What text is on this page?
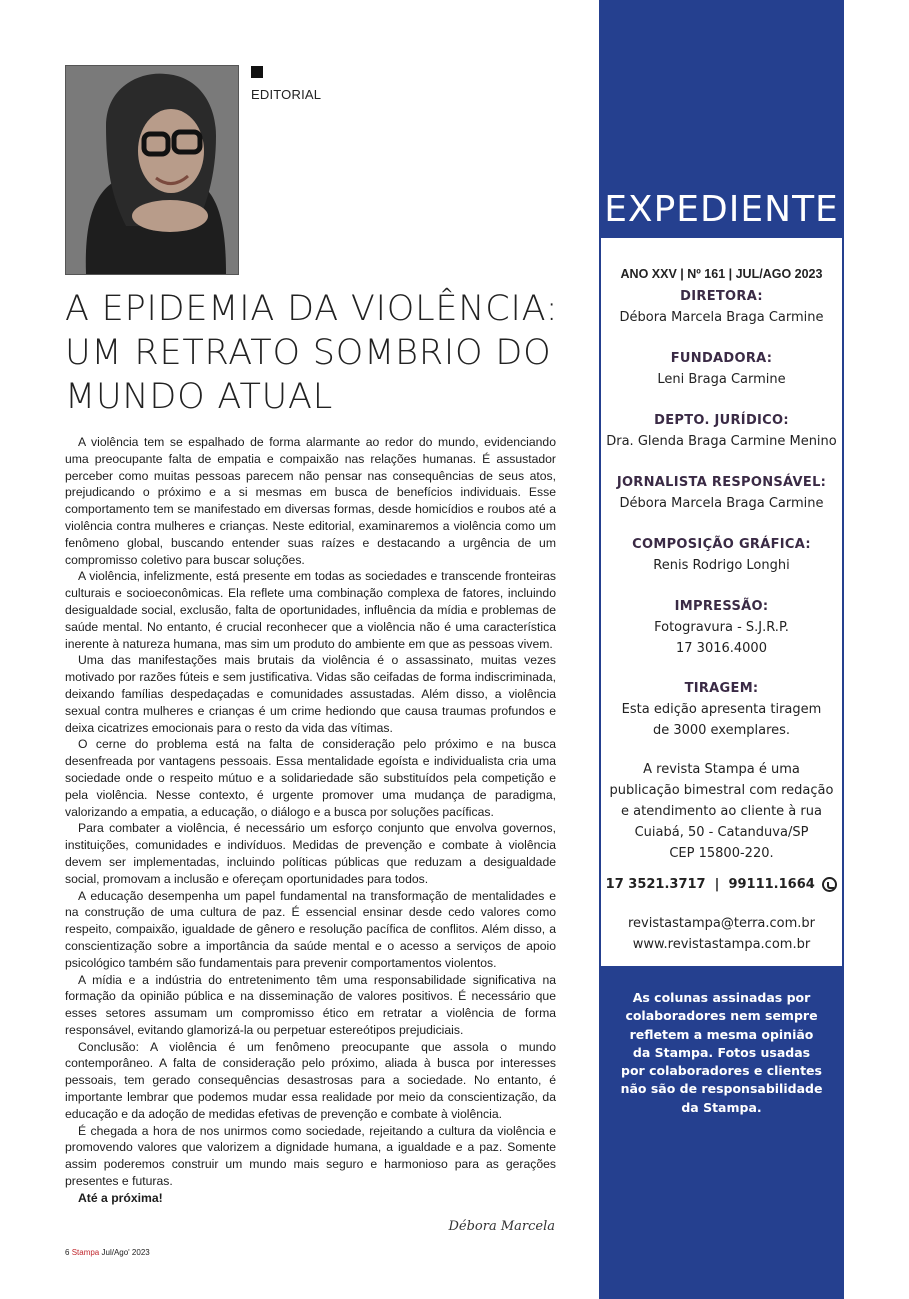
EDITORIAL
A EPIDEMIA DA VIOLÊNCIA:
UM RETRATO SOMBRIO DO
MUNDO ATUAL

A violência tem se espalhado de forma alarmante ao redor do mundo, evidenciando uma preocupante falta de empatia e compaixão nas relações humanas. É assustador perceber como muitas pessoas parecem não pensar nas consequências de seus atos, prejudicando o próximo e a si mesmas em busca de benefícios individuais. Esse comportamento tem se manifestado em diversas formas, desde homicídios e roubos até a violência contra mulheres e crianças. Neste editorial, examinaremos a violência como um fenômeno global, buscando entender suas raízes e destacando a urgência de um compromisso coletivo para buscar soluções.

A violência, infelizmente, está presente em todas as sociedades e transcende fronteiras culturais e socioeconômicas. Ela reflete uma combinação complexa de fatores, incluindo desigualdade social, exclusão, falta de oportunidades, influência da mídia e problemas de saúde mental. No entanto, é crucial reconhecer que a violência não é uma característica inerente à natureza humana, mas sim um produto do ambiente em que as pessoas vivem.

Uma das manifestações mais brutais da violência é o assassinato, muitas vezes motivado por razões fúteis e sem justificativa. Vidas são ceifadas de forma indiscriminada, deixando famílias despedaçadas e comunidades assustadas. Além disso, a violência sexual contra mulheres e crianças é um crime hediondo que causa traumas profundos e deixa cicatrizes emocionais para o resto da vida das vítimas.

O cerne do problema está na falta de consideração pelo próximo e na busca desenfreada por vantagens pessoais. Essa mentalidade egoísta e individualista cria uma sociedade onde o respeito mútuo e a solidariedade são substituídos pela competição e pela violência. Nesse contexto, é urgente promover uma mudança de paradigma, valorizando a empatia, a educação, o diálogo e a busca por soluções pacíficas.

Para combater a violência, é necessário um esforço conjunto que envolva governos, instituições, comunidades e indivíduos. Medidas de prevenção e combate à violência devem ser implementadas, incluindo políticas públicas que reduzam a desigualdade social, promovam a inclusão e ofereçam oportunidades para todos.

A educação desempenha um papel fundamental na transformação de mentalidades e na construção de uma cultura de paz. É essencial ensinar desde cedo valores como respeito, compaixão, igualdade de gênero e resolução pacífica de conflitos. Além disso, a conscientização sobre a importância da saúde mental e o acesso a serviços de apoio psicológico também são fundamentais para prevenir comportamentos violentos.

A mídia e a indústria do entretenimento têm uma responsabilidade significativa na formação da opinião pública e na disseminação de valores positivos. É necessário que esses setores assumam um compromisso ético em retratar a violência de forma responsável, evitando glamorizá-la ou perpetuar estereótipos prejudiciais.

Conclusão: A violência é um fenômeno preocupante que assola o mundo contemporâneo. A falta de consideração pelo próximo, aliada à busca por interesses pessoais, tem gerado consequências desastrosas para a sociedade. No entanto, é importante lembrar que podemos mudar essa realidade por meio da conscientização, da educação e da adoção de medidas efetivas de prevenção e combate à violência.

É chegada a hora de nos unirmos como sociedade, rejeitando a cultura da violência e promovendo valores que valorizem a dignidade humana, a igualdade e a paz. Somente assim poderemos construir um mundo mais seguro e harmonioso para as gerações presentes e futuras.

Até a próxima!

Débora Marcela
6 Stampa Jul/Ago' 2023
EXPEDIENTE
ANO XXV | Nº 161 | JUL/AGO 2023
DIRETORA:
Débora Marcela Braga Carmine
FUNDADORA:
Leni Braga Carmine
DEPTO. JURÍDICO:
Dra. Glenda Braga Carmine Menino
JORNALISTA RESPONSÁVEL:
Débora Marcela Braga Carmine
COMPOSIÇÃO GRÁFICA:
Renis Rodrigo Longhi
IMPRESSÃO:
Fotogravura - S.J.R.P.
17 3016.4000
TIRAGEM:
Esta edição apresenta tiragem
de 3000 exemplares.
A revista Stampa é uma
publicação bimestral com redação
e atendimento ao cliente à rua
Cuiabá, 50 - Catanduva/SP
CEP 15800-220.
17 3521.3717  |  99111.1664
revistastampa@terra.com.br
www.revistastampa.com.br
As colunas assinadas por colaboradores nem sempre refletem a mesma opinião da Stampa. Fotos usadas por colaboradores e clientes não são de responsabilidade da Stampa.
